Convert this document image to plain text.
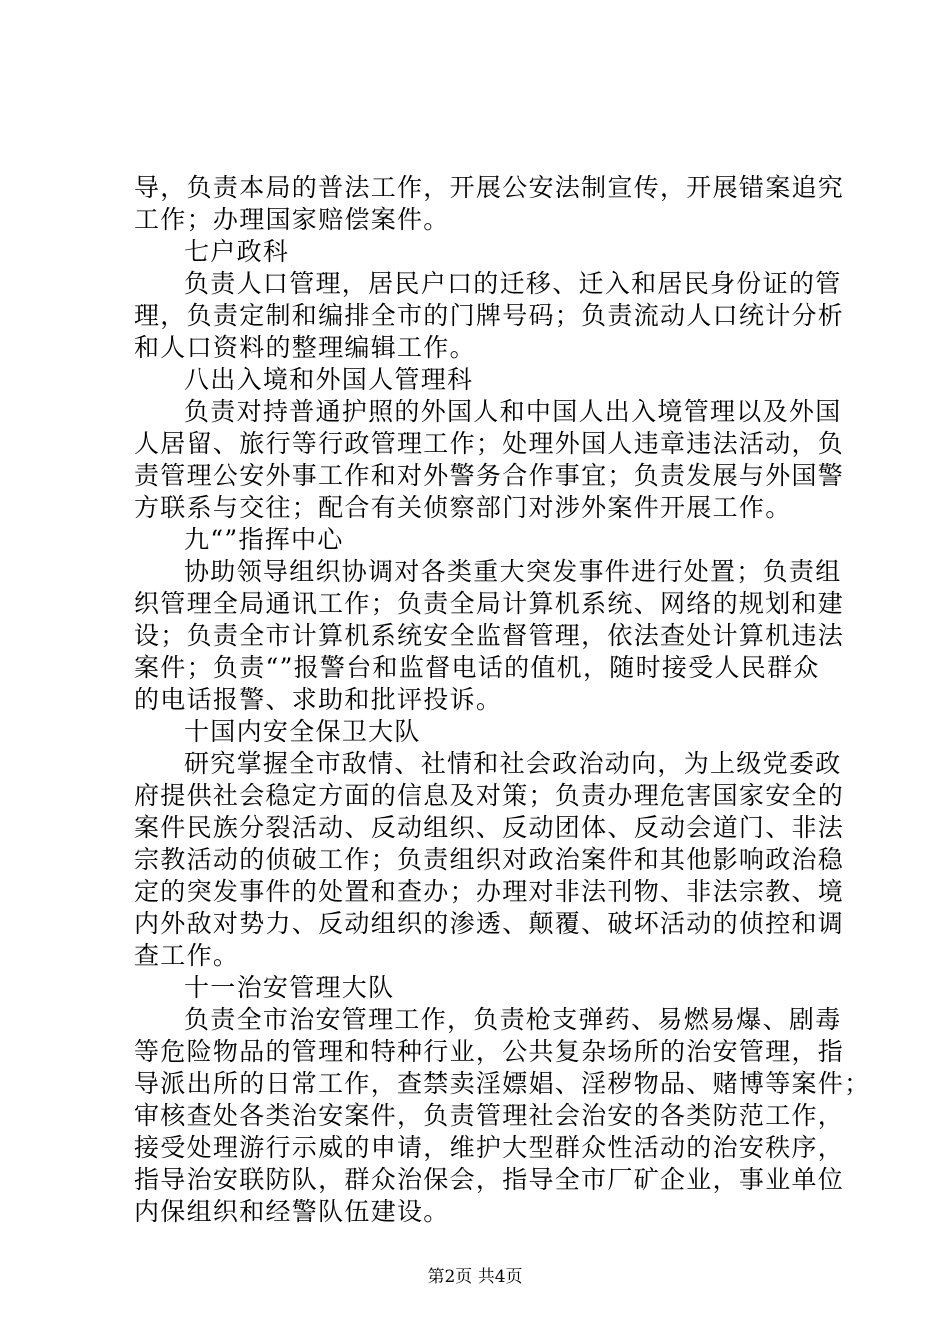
导，负责本局的普法工作，开展公安法制宣传，开展错案追究
工作；办理国家赔偿案件。
七户政科
负责人口管理，居民户口的迁移、迁入和居民身份证的管
理，负责定制和编排全市的门牌号码；负责流动人口统计分析
和人口资料的整理编辑工作。
八出入境和外国人管理科
负责对持普通护照的外国人和中国人出入境管理以及外国
人居留、旅行等行政管理工作；处理外国人违章违法活动，负
责管理公安外事工作和对外警务合作事宜；负责发展与外国警
方联系与交往；配合有关侦察部门对涉外案件开展工作。
九“”指挥中心
协助领导组织协调对各类重大突发事件进行处置；负责组
织管理全局通讯工作；负责全局计算机系统、网络的规划和建
设；负责全市计算机系统安全监督管理，依法查处计算机违法
案件；负责“”报警台和监督电话的值机，随时接受人民群众
的电话报警、求助和批评投诉。
十国内安全保卫大队
研究掌握全市敌情、社情和社会政治动向，为上级党委政
府提供社会稳定方面的信息及对策；负责办理危害国家安全的
案件民族分裂活动、反动组织、反动团体、反动会道门、非法
宗教活动的侦破工作；负责组织对政治案件和其他影响政治稳
定的突发事件的处置和查办；办理对非法刊物、非法宗教、境
内外敌对势力、反动组织的渗透、颠覆、破坏活动的侦控和调
查工作。
十一治安管理大队
负责全市治安管理工作，负责枪支弹药、易燃易爆、剧毒
等危险物品的管理和特种行业，公共复杂场所的治安管理，指
导派出所的日常工作，查禁卖淫嫖娼、淫秽物品、赌博等案件；
审核查处各类治安案件，负责管理社会治安的各类防范工作，
接受处理游行示威的申请，维护大型群众性活动的治安秩序，
指导治安联防队，群众治保会，指导全市厂矿企业，事业单位
内保组织和经警队伍建设。
第2页 共4页
